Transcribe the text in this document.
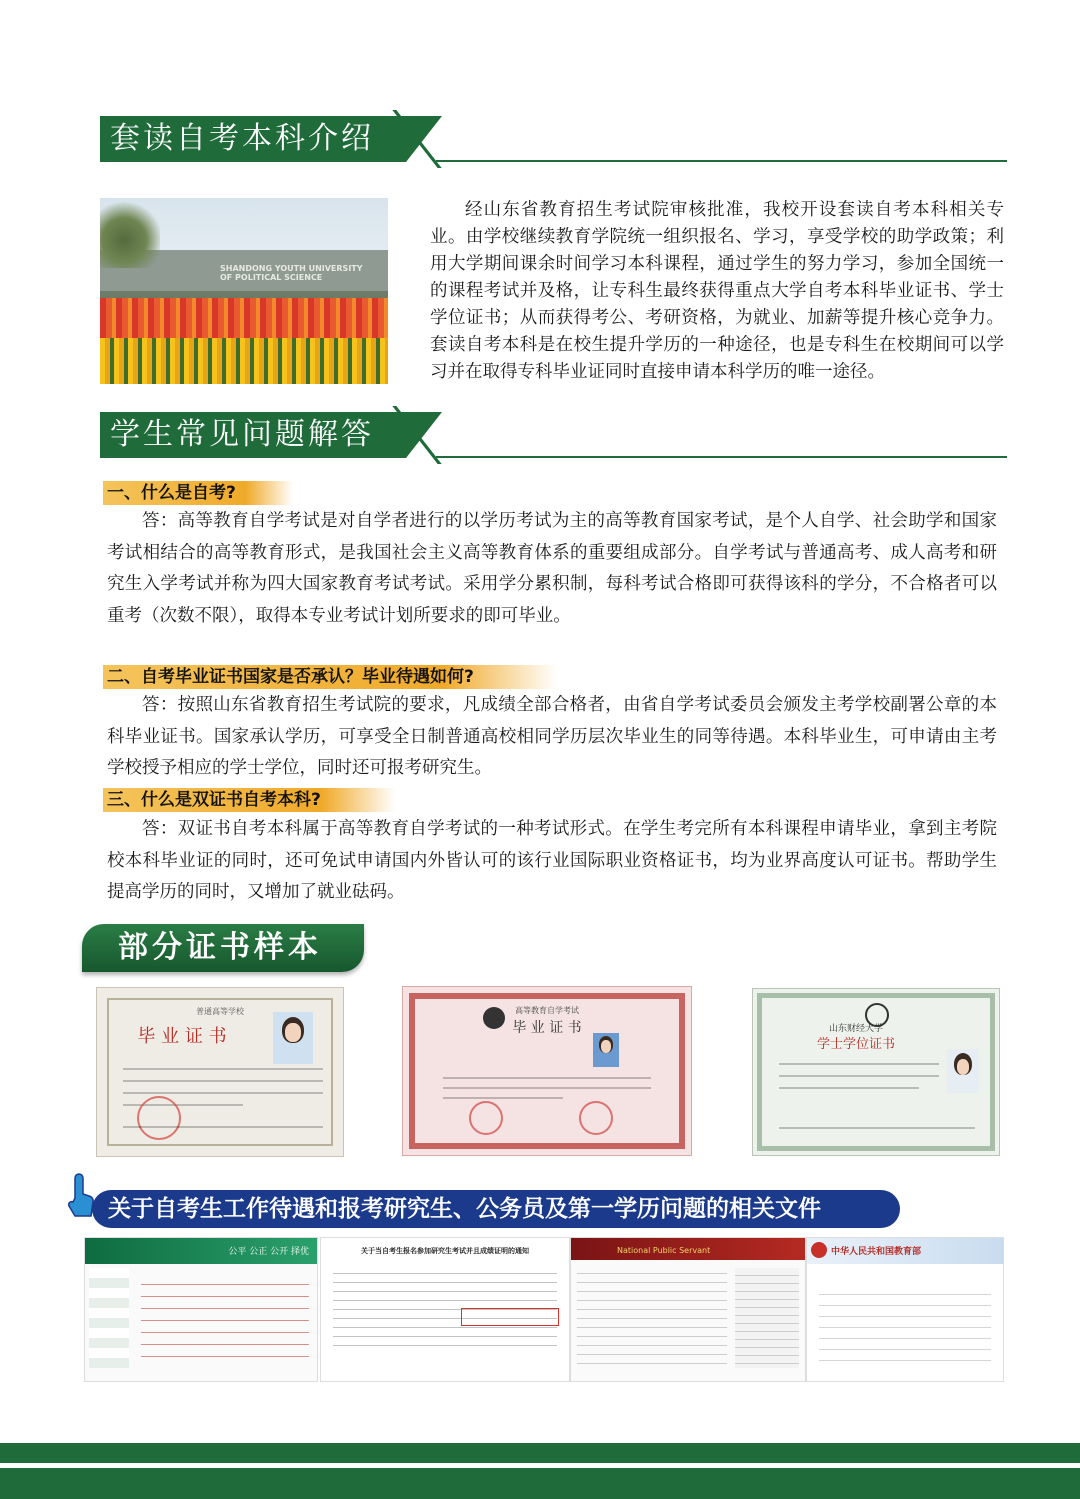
套读自考本科介绍
SHANDONG YOUTH UNIVERSITY OF POLITICAL SCIENCE
经山东省教育招生考试院审核批准，我校开设套读自考本科相关专业。由学校继续教育学院统一组织报名、学习，享受学校的助学政策；利用大学期间课余时间学习本科课程，通过学生的努力学习，参加全国统一的课程考试并及格，让专科生最终获得重点大学自考本科毕业证书、学士学位证书；从而获得考公、考研资格，为就业、加薪等提升核心竞争力。套读自考本科是在校生提升学历的一种途径，也是专科生在校期间可以学习并在取得专科毕业证同时直接申请本科学历的唯一途径。
学生常见问题解答
一、什么是自考?
答：高等教育自学考试是对自学者进行的以学历考试为主的高等教育国家考试，是个人自学、社会助学和国家考试相结合的高等教育形式，是我国社会主义高等教育体系的重要组成部分。自学考试与普通高考、成人高考和研究生入学考试并称为四大国家教育考试考试。采用学分累积制，每科考试合格即可获得该科的学分，不合格者可以重考（次数不限），取得本专业考试计划所要求的即可毕业。
二、自考毕业证书国家是否承认？毕业待遇如何?
答：按照山东省教育招生考试院的要求，凡成绩全部合格者，由省自学考试委员会颁发主考学校副署公章的本科毕业证书。国家承认学历，可享受全日制普通高校相同学历层次毕业生的同等待遇。本科毕业生，可申请由主考学校授予相应的学士学位，同时还可报考研究生。
三、什么是双证书自考本科?
答：双证书自考本科属于高等教育自学考试的一种考试形式。在学生考完所有本科课程申请毕业，拿到主考院校本科毕业证的同时，还可免试申请国内外皆认可的该行业国际职业资格证书，均为业界高度认可证书。帮助学生提高学历的同时，又增加了就业砝码。
部分证书样本
普通高等学校
毕 业 证 书
高等教育自学考试
毕 业 证 书	山东财经大学
学士学位证书
关于自考生工作待遇和报考研究生、公务员及第一学历问题的相关文件
公平 公正 公开 择优	关于当自考生报名参加研究生考试并且成绩证明的通知	National Public Servant	中华人民共和国教育部
